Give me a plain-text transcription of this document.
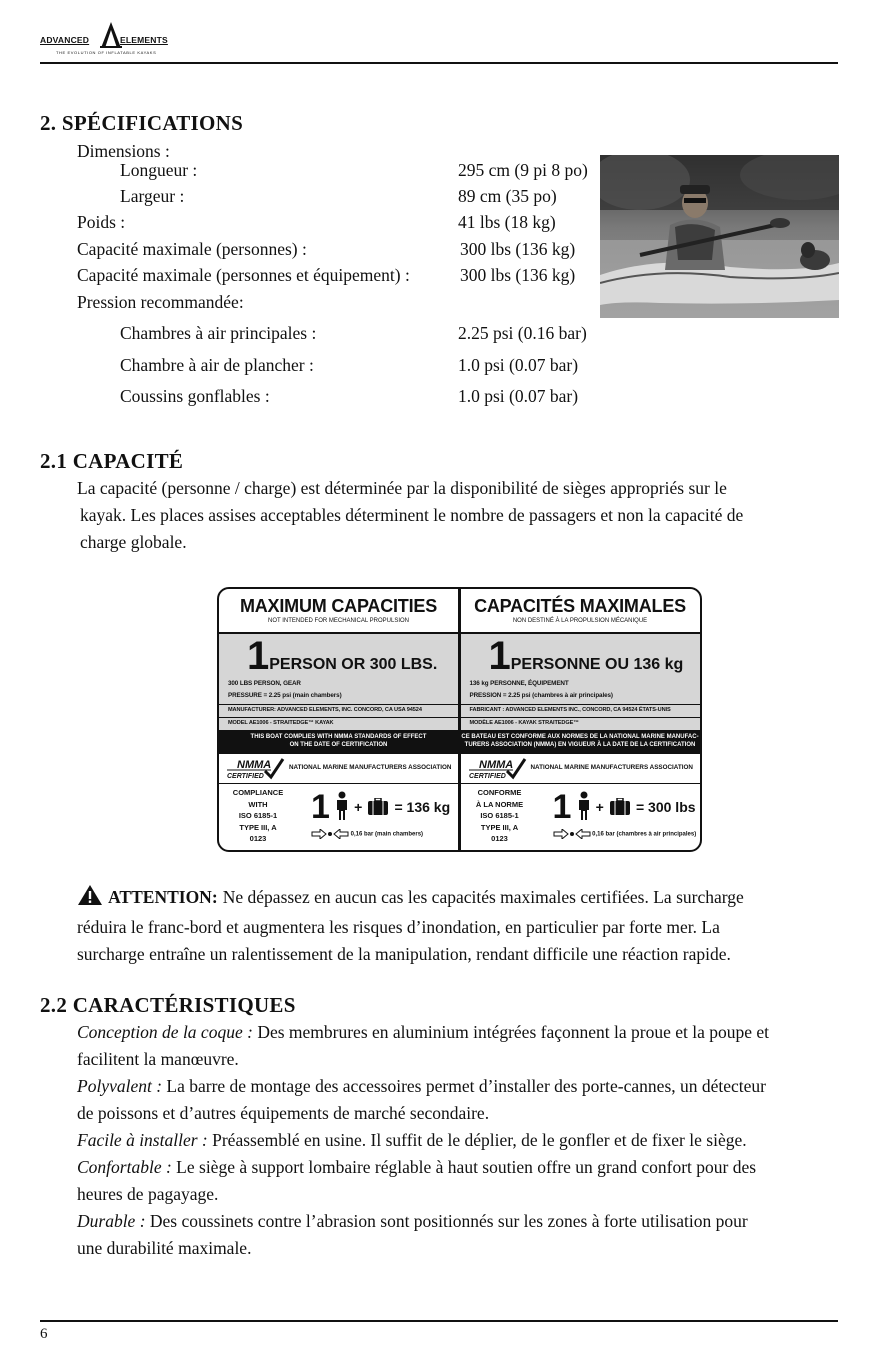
ADVANCED	ELEMENTS
THE EVOLUTION OF INFLATABLE KAYAKS
2. SPÉCIFICATIONS
Dimensions :
Longueur :	295 cm (9 pi 8 po)
Largeur :	89 cm (35 po)
Poids :	41 lbs (18 kg)
Capacité maximale (personnes) :	300 lbs (136 kg)
Capacité maximale (personnes et équipement) :	300 lbs (136 kg)
Pression recommandée:
Chambres à air principales :	2.25 psi (0.16 bar)
Chambre à air de plancher :	1.0 psi (0.07 bar)
Coussins gonflables :	1.0 psi (0.07 bar)
2.1 CAPACITÉ
La capacité (personne / charge) est déterminée par la disponibilité de sièges appropriés sur le
kayak. Les places assises acceptables déterminent le nombre de passagers et non la capacité de
charge globale.
MAXIMUM CAPACITIES
NOT INTENDED FOR MECHANICAL PROPULSION
1PERSON OR 300 LBS.
300 LBS PERSON, GEAR
PRESSURE = 2.25 psi (main chambers)
MANUFACTURER: ADVANCED ELEMENTS, INC. CONCORD, CA USA 94524
MODEL AE1006 - STRAITEDGE™ KAYAK
THIS BOAT COMPLIES WITH NMMA STANDARDS OF EFFECT
ON THE DATE OF CERTIFICATION
NMMA
CERTIFIED
NATIONAL MARINE MANUFACTURERS ASSOCIATION
COMPLIANCE
WITH
ISO 6185-1
TYPE III, A
0123
1 + = 136 kg
0,16 bar (main chambers)
CAPACITÉS MAXIMALES
NON DESTINÉ À LA PROPULSION MÉCANIQUE
1PERSONNE OU 136 kg
136 kg PERSONNE, ÉQUIPEMENT
PRESSION = 2.25 psi (chambres à air principales)
FABRICANT : ADVANCED ELEMENTS INC., CONCORD, CA 94524 ÉTATS-UNIS
MODÈLE AE1006 - KAYAK STRAITEDGE™
CE BATEAU EST CONFORME AUX NORMES DE LA NATIONAL MARINE MANUFAC-
TURERS ASSOCIATION (NMMA) EN VIGUEUR À LA DATE DE LA CERTIFICATION
NMMA
CERTIFIED
NATIONAL MARINE MANUFACTURERS ASSOCIATION
CONFORME
À LA NORME
ISO 6185-1
TYPE III, A
0123
1 + = 300 lbs
0,16 bar (chambres à air principales)
ATTENTION: Ne dépassez en aucun cas les capacités maximales certifiées. La surcharge
réduira le franc-bord et augmentera les risques d’inondation, en particulier par forte mer. La
surcharge entraîne un ralentissement de la manipulation, rendant difficile une réaction rapide.
2.2 CARACTÉRISTIQUES
Conception de la coque : Des membrures en aluminium intégrées façonnent la proue et la poupe et
facilitent la manœuvre.
Polyvalent : La barre de montage des accessoires permet d’installer des porte-cannes, un détecteur
de poissons et d’autres équipements de marché secondaire.
Facile à installer : Préassemblé en usine. Il suffit de le déplier, de le gonfler et de fixer le siège.
Confortable : Le siège à support lombaire réglable à haut soutien offre un grand confort pour des
heures de pagayage.
Durable : Des coussinets contre l’abrasion sont positionnés sur les zones à forte utilisation pour
une durabilité maximale.
6
